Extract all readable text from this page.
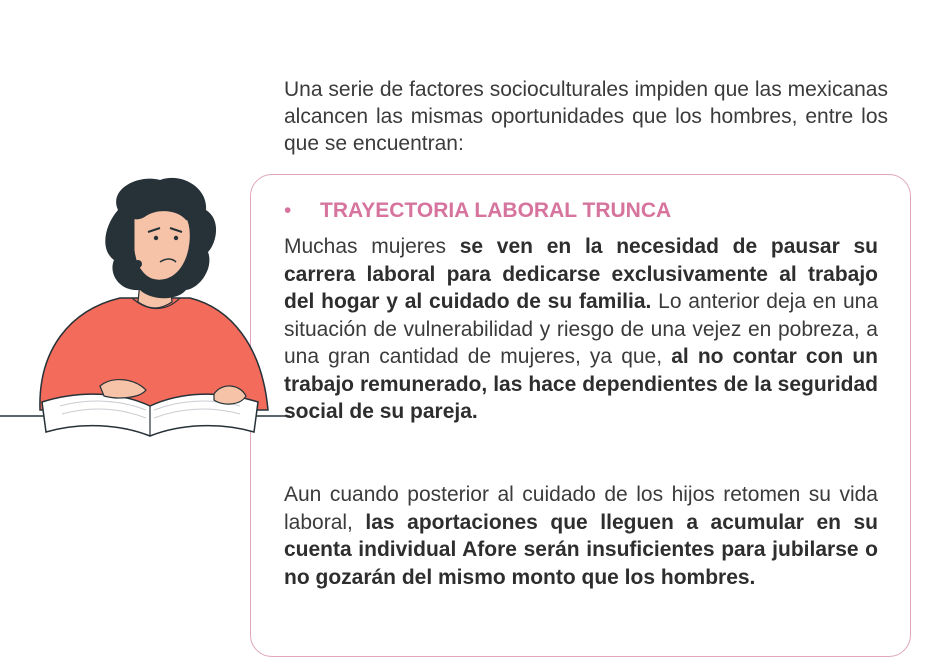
Una serie de factores socioculturales impiden que las mexicanas alcancen las mismas oportunidades que los hombres, entre los que se encuentran:
• TRAYECTORIA LABORAL TRUNCA
Muchas mujeres se ven en la necesidad de pausar su carrera laboral para dedicarse exclusivamente al trabajo del hogar y al cuidado de su familia. Lo anterior deja en una situación de vulnerabilidad y riesgo de una vejez en pobreza, a una gran cantidad de mujeres, ya que, al no contar con un trabajo remunerado, las hace dependientes de la seguridad social de su pareja.
Aun cuando posterior al cuidado de los hijos retomen su vida laboral, las aportaciones que lleguen a acumular en su cuenta individual Afore serán insuficientes para jubilarse o no gozarán del mismo monto que los hombres.
